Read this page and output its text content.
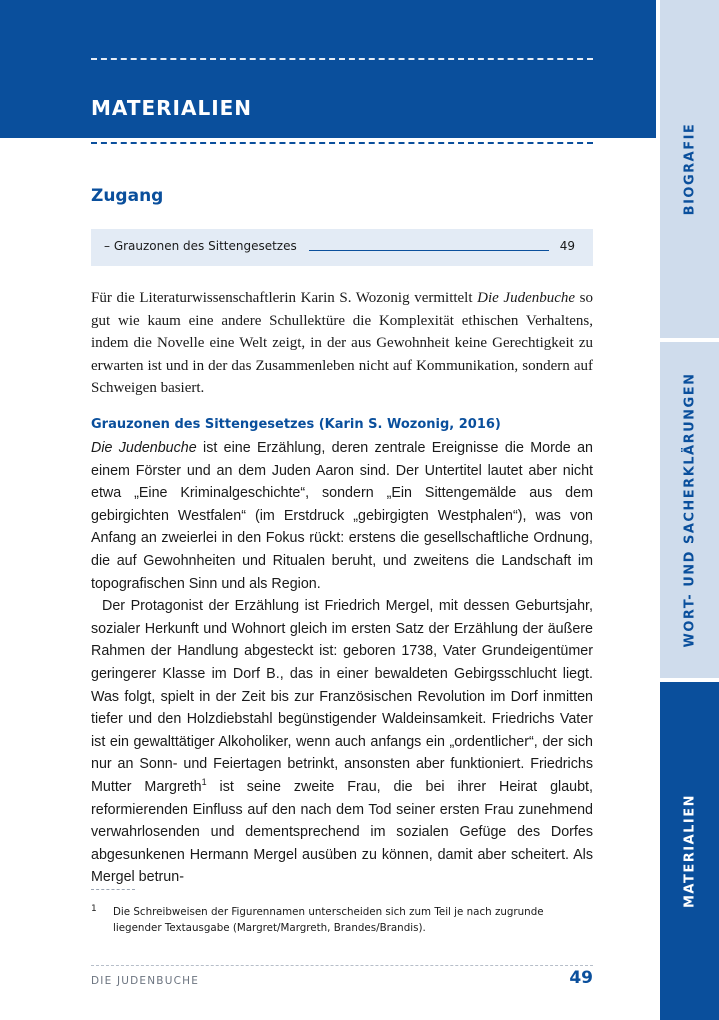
MATERIALIEN
BIOGRAFIE
WORT- UND SACHERKLÄRUNGEN
MATERIALIEN
Zugang
– Grauzonen des Sittengesetzes	49

Für die Literaturwissenschaftlerin Karin S. Wozonig vermittelt Die Judenbuche so gut wie kaum eine andere Schullektüre die Komplexität ethischen Verhaltens, indem die Novelle eine Welt zeigt, in der aus Gewohnheit keine Gerechtigkeit zu erwarten ist und in der das Zusammenleben nicht auf Kommunikation, sondern auf Schweigen basiert.

Grauzonen des Sittengesetzes (Karin S. Wozonig, 2016)

Die Judenbuche ist eine Erzählung, deren zentrale Ereignisse die Morde an einem Förster und an dem Juden Aaron sind. Der Untertitel lautet aber nicht etwa „Eine Kriminalgeschichte“, sondern „Ein Sittengemälde aus dem gebirgichten Westfalen“ (im Erstdruck „gebirgigten Westphalen“), was von Anfang an zweierlei in den Fokus rückt: erstens die gesellschaftliche Ordnung, die auf Gewohnheiten und Ritualen beruht, und zweitens die Landschaft im topografischen Sinn und als Region.

Der Protagonist der Erzählung ist Friedrich Mergel, mit dessen Geburtsjahr, sozialer Herkunft und Wohnort gleich im ersten Satz der Erzählung der äußere Rahmen der Handlung abgesteckt ist: geboren 1738, Vater Grundeigentümer geringerer Klasse im Dorf B., das in einer bewaldeten Gebirgsschlucht liegt. Was folgt, spielt in der Zeit bis zur Französischen Revolution im Dorf inmitten tiefer und den Holzdiebstahl begünstigender Waldeinsamkeit. Friedrichs Vater ist ein gewalttätiger Alkoholiker, wenn auch anfangs ein „ordentlicher“, der sich nur an Sonn- und Feiertagen betrinkt, ansonsten aber funktioniert. Friedrichs Mutter Margreth$^1$ ist seine zweite Frau, die bei ihrer Heirat glaubt, reformierenden Einfluss auf den nach dem Tod seiner ersten Frau zunehmend verwahrlosenden und dementsprechend im sozialen Gefüge des Dorfes abgesunkenen Hermann Mergel ausüben zu können, damit aber scheitert. Als Mergel betrun-

1 Die Schreibweisen der Figurennamen unterscheiden sich zum Teil je nach zugrunde liegender Textausgabe (Margret/Margreth, Brandes/Brandis).
DIE JUDENBUCHE	49
